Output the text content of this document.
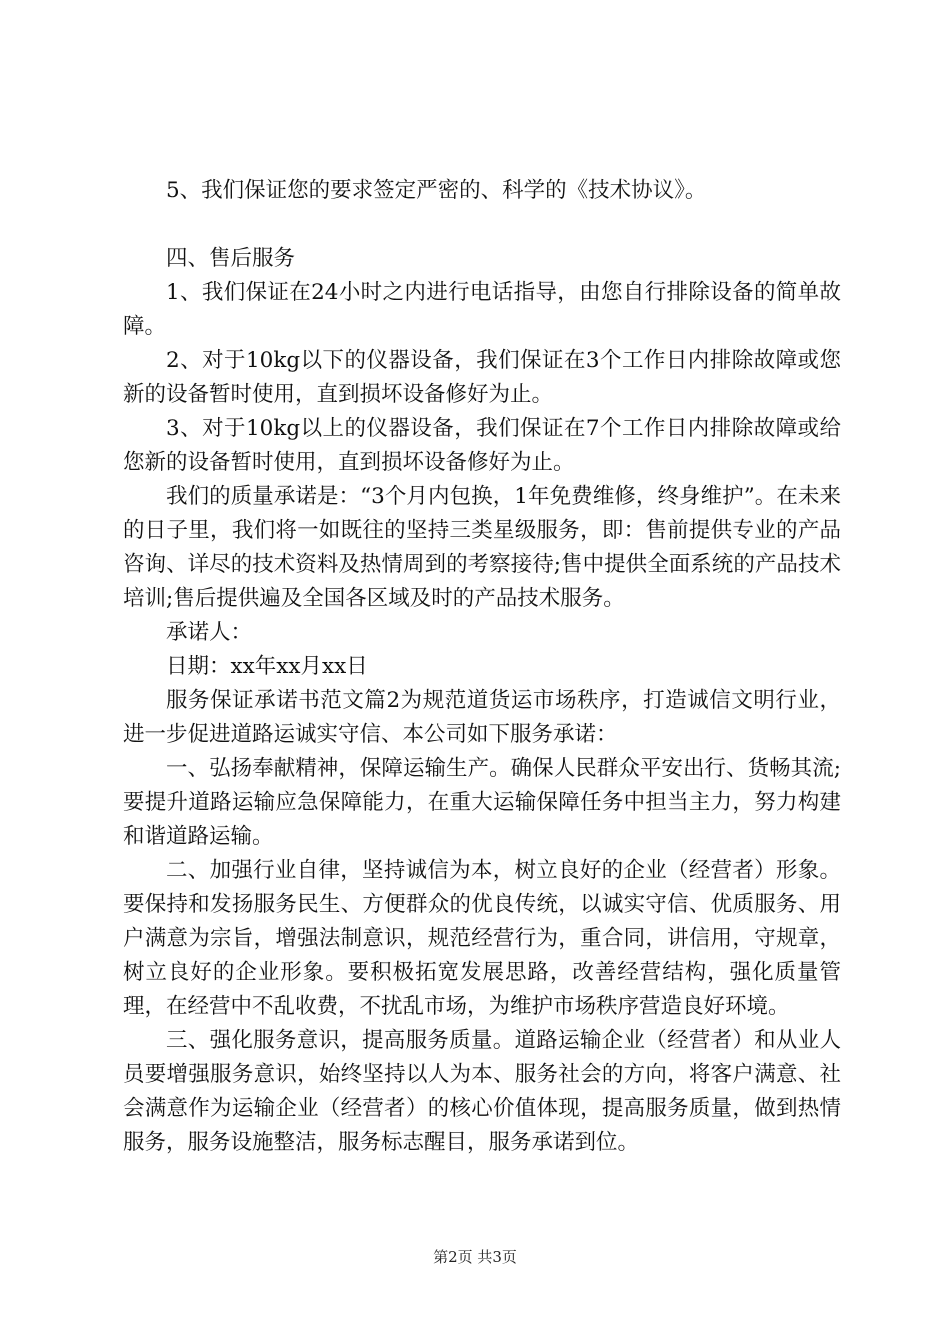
5、我们保证您的要求签定严密的、科学的《技术协议》。

四、售后服务

1、我们保证在24小时之内进行电话指导，由您自行排除设备的简单故障。

2、对于10kg以下的仪器设备，我们保证在3个工作日内排除故障或您新的设备暂时使用，直到损坏设备修好为止。

3、对于10kg以上的仪器设备，我们保证在7个工作日内排除故障或给您新的设备暂时使用，直到损坏设备修好为止。

我们的质量承诺是：“3个月内包换，1年免费维修，终身维护”。在未来的日子里，我们将一如既往的坚持三类星级服务，即：售前提供专业的产品咨询、详尽的技术资料及热情周到的考察接待;售中提供全面系统的产品技术培训;售后提供遍及全国各区域及时的产品技术服务。

承诺人：

日期：xx年xx月xx日

服务保证承诺书范文篇2为规范道货运市场秩序，打造诚信文明行业，进一步促进道路运诚实守信、本公司如下服务承诺：

一、弘扬奉献精神，保障运输生产。确保人民群众平安出行、货畅其流;要提升道路运输应急保障能力，在重大运输保障任务中担当主力，努力构建和谐道路运输。

二、加强行业自律，坚持诚信为本，树立良好的企业（经营者）形象。要保持和发扬服务民生、方便群众的优良传统，以诚实守信、优质服务、用户满意为宗旨，增强法制意识，规范经营行为，重合同，讲信用，守规章，树立良好的企业形象。要积极拓宽发展思路，改善经营结构，强化质量管理，在经营中不乱收费，不扰乱市场，为维护市场秩序营造良好环境。

三、强化服务意识，提高服务质量。道路运输企业（经营者）和从业人员要增强服务意识，始终坚持以人为本、服务社会的方向，将客户满意、社会满意作为运输企业（经营者）的核心价值体现，提高服务质量，做到热情服务，服务设施整洁，服务标志醒目，服务承诺到位。

第2页 共3页
